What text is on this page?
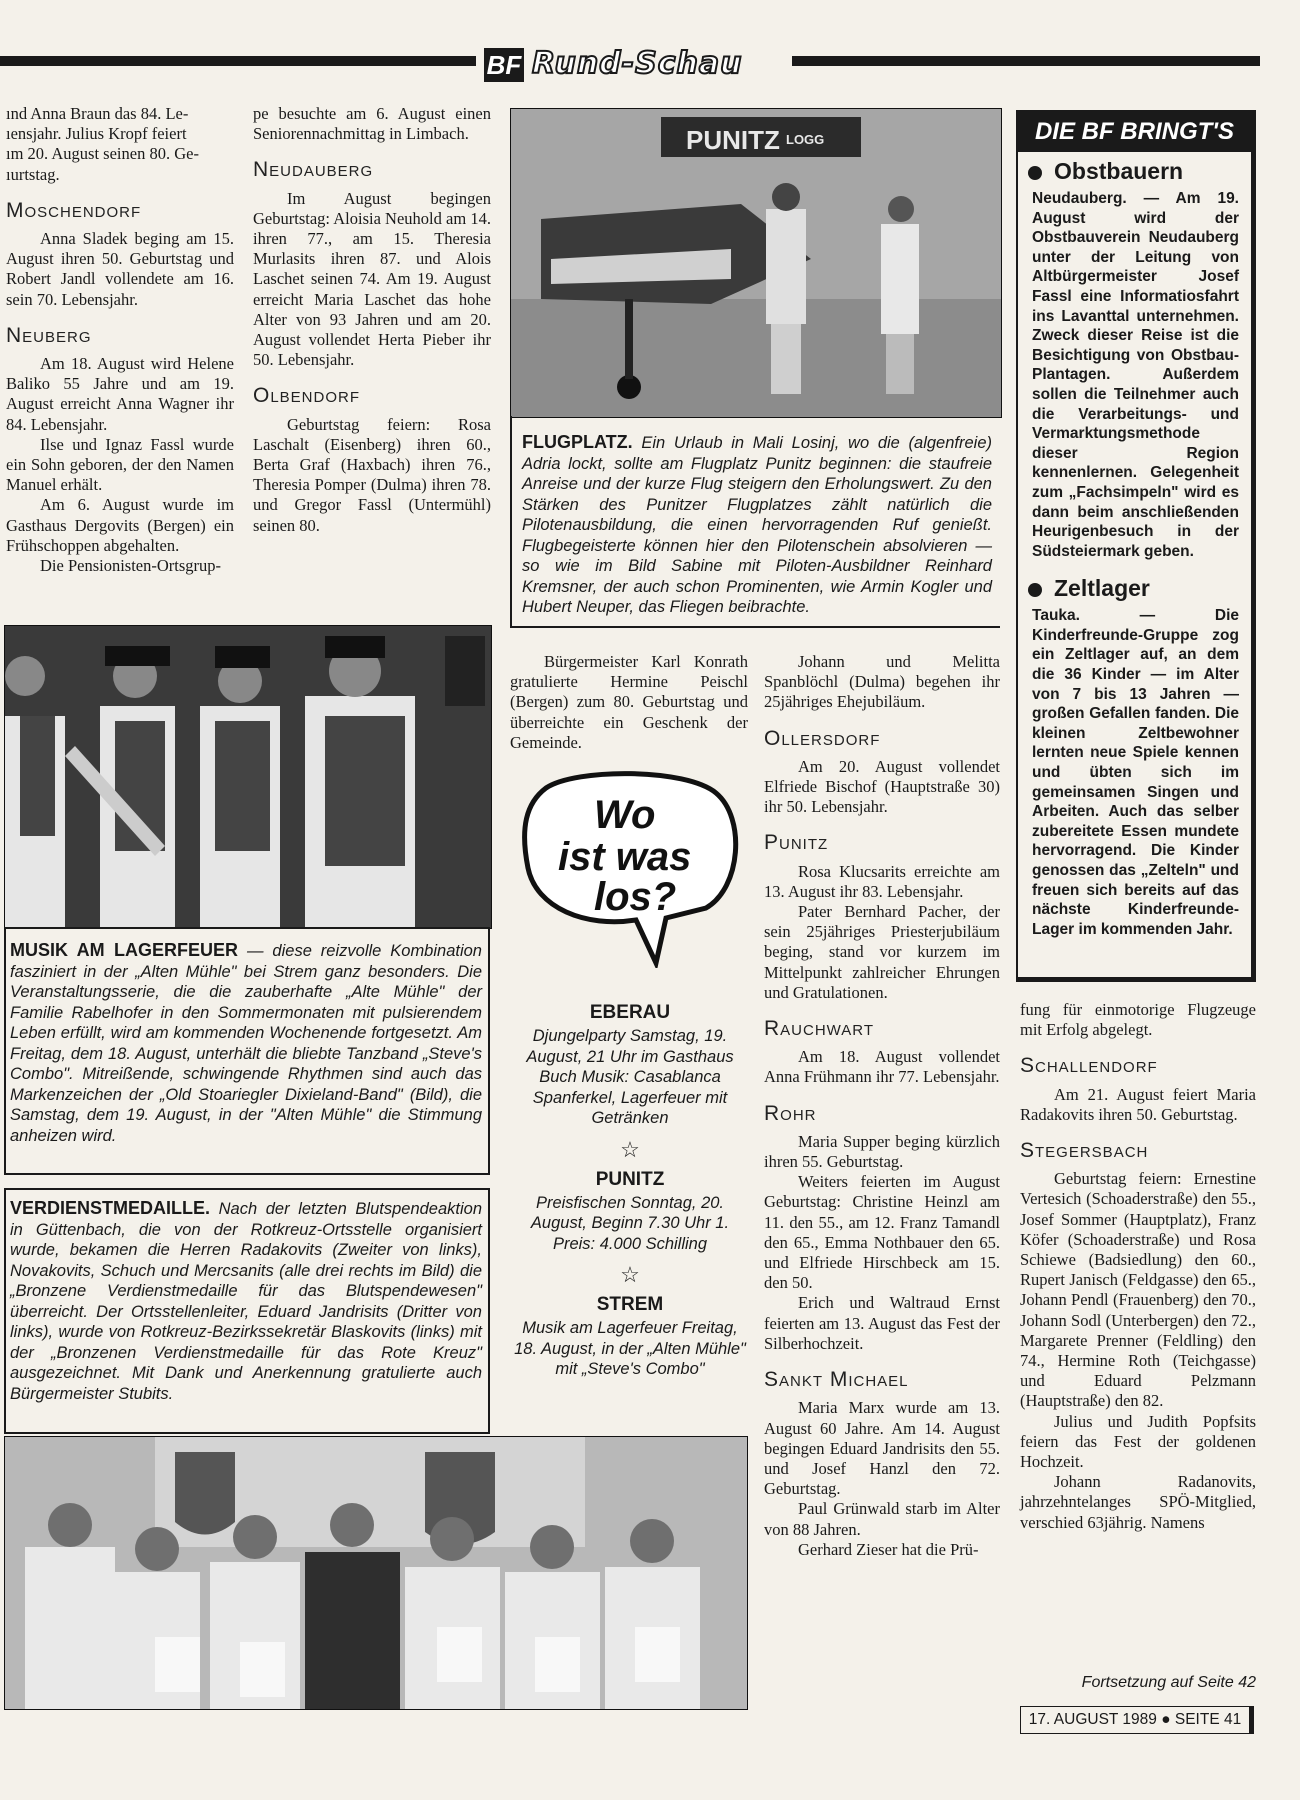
BF Rund-Schau

ınd Anna Braun das 84. Le-

ıensjahr. Julius Kropf feiert

ım 20. August seinen 80. Ge-

ıurtstag.

Moschendorf

Anna Sladek beging am 15. August ihren 50. Geburtstag und Robert Jandl vollendete am 16. sein 70. Lebensjahr.

Neuberg

Am 18. August wird Helene Baliko 55 Jahre und am 19. August erreicht Anna Wagner ihr 84. Lebensjahr.

Ilse und Ignaz Fassl wurde ein Sohn geboren, der den Namen Manuel erhält.

Am 6. August wurde im Gasthaus Dergovits (Bergen) ein Frühschoppen abgehalten.

Die Pensionisten-Ortsgrup-

pe besuchte am 6. August einen Seniorennachmittag in Limbach.

Neudauberg

Im August begingen Geburtstag: Aloisia Neuhold am 14. ihren 77., am 15. Theresia Murlasits ihren 87. und Alois Laschet seinen 74. Am 19. August erreicht Maria Laschet das hohe Alter von 93 Jahren und am 20. August vollendet Herta Pieber ihr 50. Lebensjahr.

Olbendorf

Geburtstag feiern: Rosa Laschalt (Eisenberg) ihren 60., Berta Graf (Haxbach) ihren 76., Theresia Pomper (Dulma) ihren 78. und Gregor Fassl (Untermühl) seinen 80.

PUNITZ LOGG
FLUGPLATZ. Ein Urlaub in Mali Losinj, wo die (algenfreie) Adria lockt, sollte am Flugplatz Punitz beginnen: die staufreie Anreise und der kurze Flug steigern den Erholungswert. Zu den Stärken des Punitzer Flugplatzes zählt natürlich die Pilotenausbildung, die einen hervorragenden Ruf genießt. Flugbegeisterte können hier den Pilotenschein absolvieren — so wie im Bild Sabine mit Piloten-Ausbildner Reinhard Kremsner, der auch schon Prominenten, wie Armin Kogler und Hubert Neuper, das Fliegen beibrachte.
MUSIK AM LAGERFEUER — diese reizvolle Kombination fasziniert in der „Alten Mühle" bei Strem ganz besonders. Die Veranstaltungsserie, die die zauberhafte „Alte Mühle" der Familie Rabelhofer in den Sommermonaten mit pulsierendem Leben erfüllt, wird am kommenden Wochenende fortgesetzt. Am Freitag, dem 18. August, unterhält die bliebte Tanzband „Steve's Combo". Mitreißende, schwingende Rhythmen sind auch das Markenzeichen der „Old Stoariegler Dixieland-Band" (Bild), die Samstag, dem 19. August, in der "Alten Mühle" die Stimmung anheizen wird.
VERDIENSTMEDAILLE. Nach der letzten Blutspendeaktion in Güttenbach, die von der Rotkreuz-Ortsstelle organisiert wurde, bekamen die Herren Radakovits (Zweiter von links), Novakovits, Schuch und Mercsanits (alle drei rechts im Bild) die „Bronzene Verdienstmedaille für das Blutspendewesen" überreicht. Der Ortsstellenleiter, Eduard Jandrisits (Dritter von links), wurde von Rotkreuz-Bezirkssekretär Blaskovits (links) mit der „Bronzenen Verdienstmedaille für das Rote Kreuz" ausgezeichnet. Mit Dank und Anerkennung gratulierte auch Bürgermeister Stubits.

Bürgermeister Karl Konrath gratulierte Hermine Peischl (Bergen) zum 80. Geburtstag und überreichte ein Geschenk der Gemeinde.

Wo
ist was
los?
EBERAU
Djungelparty Samstag, 19. August, 21 Uhr im Gasthaus Buch Musik: Casablanca Spanferkel, Lagerfeuer mit Getränken
☆
PUNITZ
Preisfischen Sonntag, 20. August, Beginn 7.30 Uhr 1. Preis: 4.000 Schilling
☆
STREM
Musik am Lagerfeuer Freitag, 18. August, in der „Alten Mühle" mit „Steve's Combo"

Johann und Melitta Spanblöchl (Dulma) begehen ihr 25jähriges Ehejubiläum.

Ollersdorf

Am 20. August vollendet Elfriede Bischof (Hauptstraße 30) ihr 50. Lebensjahr.

Punitz

Rosa Klucsarits erreichte am 13. August ihr 83. Lebensjahr.

Pater Bernhard Pacher, der sein 25jähriges Priesterjubiläum beging, stand vor kurzem im Mittelpunkt zahlreicher Ehrungen und Gratulationen.

Rauchwart

Am 18. August vollendet Anna Frühmann ihr 77. Lebensjahr.

Rohr

Maria Supper beging kürzlich ihren 55. Geburtstag.

Weiters feierten im August Geburtstag: Christine Heinzl am 11. den 55., am 12. Franz Tamandl den 65., Emma Nothbauer den 65. und Elfriede Hirschbeck am 15. den 50.

Erich und Waltraud Ernst feierten am 13. August das Fest der Silberhochzeit.

Sankt Michael

Maria Marx wurde am 13. August 60 Jahre. Am 14. August begingen Eduard Jandrisits den 55. und Josef Hanzl den 72. Geburtstag.

Paul Grünwald starb im Alter von 88 Jahren.

Gerhard Zieser hat die Prü-

DIE BF BRINGT'S
Obstbauern

Neudauberg. — Am 19. August wird der Obstbauverein Neudauberg unter der Leitung von Altbürgermeister Josef Fassl eine Informatiosfahrt ins Lavanttal unternehmen. Zweck dieser Reise ist die Besichtigung von Obstbau-Plantagen. Außerdem sollen die Teilnehmer auch die Verarbeitungs- und Vermarktungsmethode dieser Region kennenlernen. Gelegenheit zum „Fachsimpeln" wird es dann beim anschließenden Heurigenbesuch in der Südsteiermark geben.

Zeltlager

Tauka. — Die Kinderfreunde-Gruppe zog ein Zeltlager auf, an dem die 36 Kinder — im Alter von 7 bis 13 Jahren — großen Gefallen fanden. Die kleinen Zeltbewohner lernten neue Spiele kennen und übten sich im gemeinsamen Singen und Arbeiten. Auch das selber zubereitete Essen mundete hervorragend. Die Kinder genossen das „Zelteln" und freuen sich bereits auf das nächste Kinderfreunde-Lager im kommenden Jahr.

fung für einmotorige Flugzeuge mit Erfolg abgelegt.

Schallendorf

Am 21. August feiert Maria Radakovits ihren 50. Geburtstag.

Stegersbach

Geburtstag feiern: Ernestine Vertesich (Schoaderstraße) den 55., Josef Sommer (Hauptplatz), Franz Köfer (Schoaderstraße) und Rosa Schiewe (Badsiedlung) den 60., Rupert Janisch (Feldgasse) den 65., Johann Pendl (Frauenberg) den 70., Johann Sodl (Unterbergen) den 72., Margarete Prenner (Feldling) den 74., Hermine Roth (Teichgasse) und Eduard Pelzmann (Hauptstraße) den 82.

Julius und Judith Popfsits feiern das Fest der goldenen Hochzeit.

Johann Radanovits, jahrzehntelanges SPÖ-Mitglied, verschied 63jährig. Namens

Fortsetzung auf Seite 42
17. AUGUST 1989 ● SEITE 41
